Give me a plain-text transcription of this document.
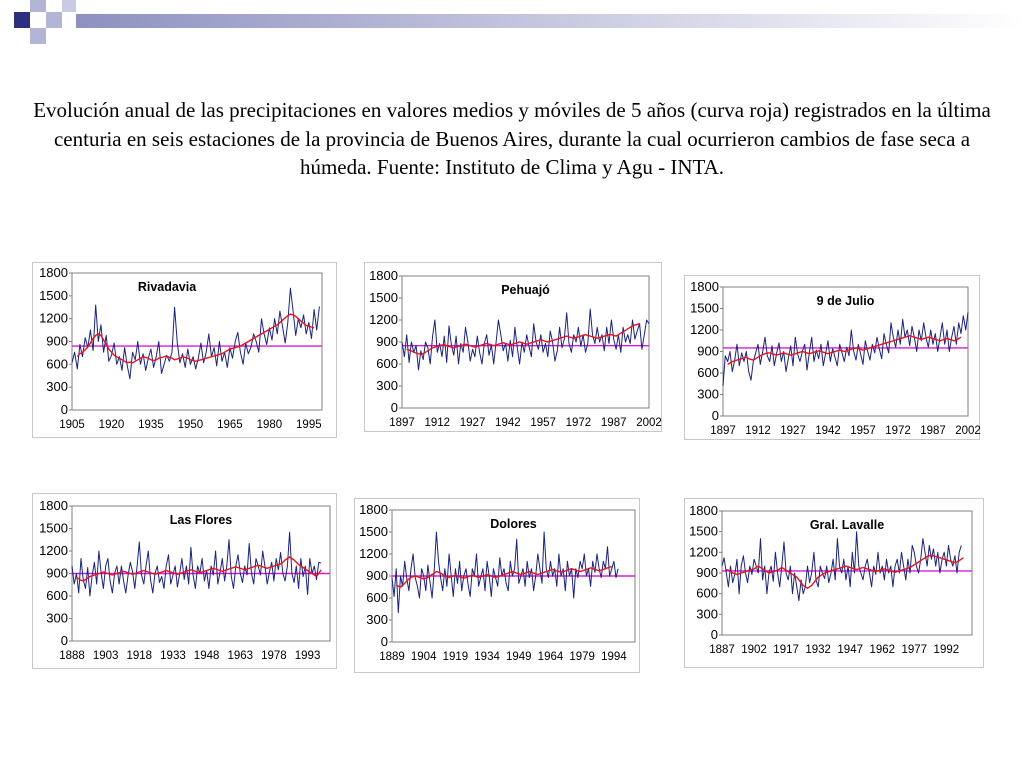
Evolución anual de las precipitaciones en valores medios y móviles de 5 años (curva roja) registrados en la última centuria en seis estaciones de la provincia de Buenos Aires, durante la cual ocurrieron cambios de fase seca a húmeda. Fuente: Instituto de Clima y Agu - INTA.

0
300
600
900
1200
1500
1800
1905 1920 1935 1950 1965 1980 1995
Rivadavia
0
300
600
900
1200
1500
1800
1897 1912 1927 1942 1957 1972 1987 2002
Pehuajó
0
300
600
900
1200
1500
1800
1897 1912 1927 1942 1957 1972 1987 2002
9 de Julio
0
300
600
900
1200
1500
1800
1888 1903 1918 1933 1948 1963 1978 1993
Las Flores
0
300
600
900
1200
1500
1800
1889 1904 1919 1934 1949 1964 1979 1994
Dolores
0
300
600
900
1200
1500
1800
1887 1902 1917 1932 1947 1962 1977 1992
Gral. Lavalle
